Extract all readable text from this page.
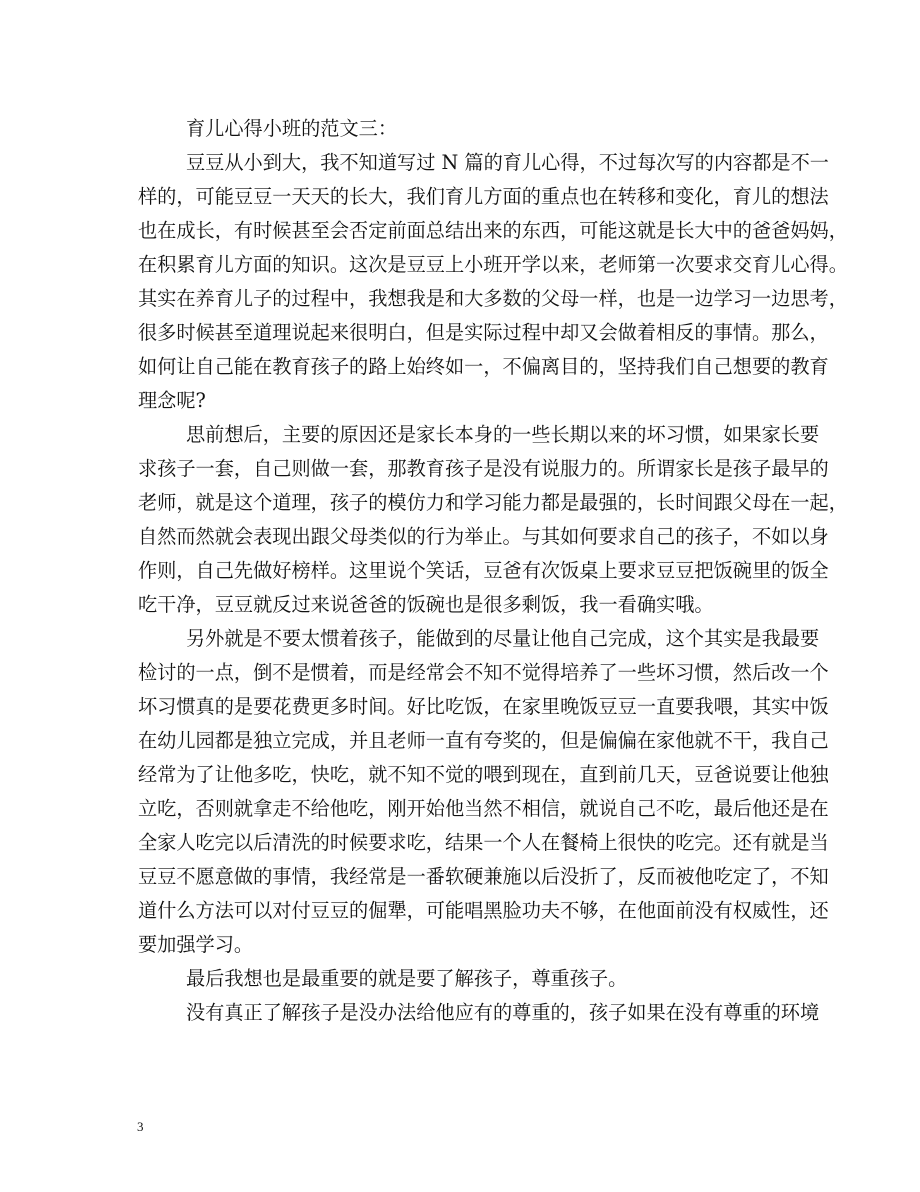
育儿心得小班的范文三：
豆豆从小到大，我不知道写过 N 篇的育儿心得，不过每次写的内容都是不一
样的，可能豆豆一天天的长大，我们育儿方面的重点也在转移和变化，育儿的想法
也在成长，有时候甚至会否定前面总结出来的东西，可能这就是长大中的爸爸妈妈，
在积累育儿方面的知识。这次是豆豆上小班开学以来，老师第一次要求交育儿心得。
其实在养育儿子的过程中，我想我是和大多数的父母一样，也是一边学习一边思考，
很多时候甚至道理说起来很明白，但是实际过程中却又会做着相反的事情。那么，
如何让自己能在教育孩子的路上始终如一，不偏离目的，坚持我们自己想要的教育
理念呢?
思前想后，主要的原因还是家长本身的一些长期以来的坏习惯，如果家长要
求孩子一套，自己则做一套，那教育孩子是没有说服力的。所谓家长是孩子最早的
老师，就是这个道理，孩子的模仿力和学习能力都是最强的，长时间跟父母在一起，
自然而然就会表现出跟父母类似的行为举止。与其如何要求自己的孩子，不如以身
作则，自己先做好榜样。这里说个笑话，豆爸有次饭桌上要求豆豆把饭碗里的饭全
吃干净，豆豆就反过来说爸爸的饭碗也是很多剩饭，我一看确实哦。
另外就是不要太惯着孩子，能做到的尽量让他自己完成，这个其实是我最要
检讨的一点，倒不是惯着，而是经常会不知不觉得培养了一些坏习惯，然后改一个
坏习惯真的是要花费更多时间。好比吃饭，在家里晚饭豆豆一直要我喂，其实中饭
在幼儿园都是独立完成，并且老师一直有夸奖的，但是偏偏在家他就不干，我自己
经常为了让他多吃，快吃，就不知不觉的喂到现在，直到前几天，豆爸说要让他独
立吃，否则就拿走不给他吃，刚开始他当然不相信，就说自己不吃，最后他还是在
全家人吃完以后清洗的时候要求吃，结果一个人在餐椅上很快的吃完。还有就是当
豆豆不愿意做的事情，我经常是一番软硬兼施以后没折了，反而被他吃定了，不知
道什么方法可以对付豆豆的倔犟，可能唱黑脸功夫不够，在他面前没有权威性，还
要加强学习。
最后我想也是最重要的就是要了解孩子，尊重孩子。
没有真正了解孩子是没办法给他应有的尊重的，孩子如果在没有尊重的环境
3
